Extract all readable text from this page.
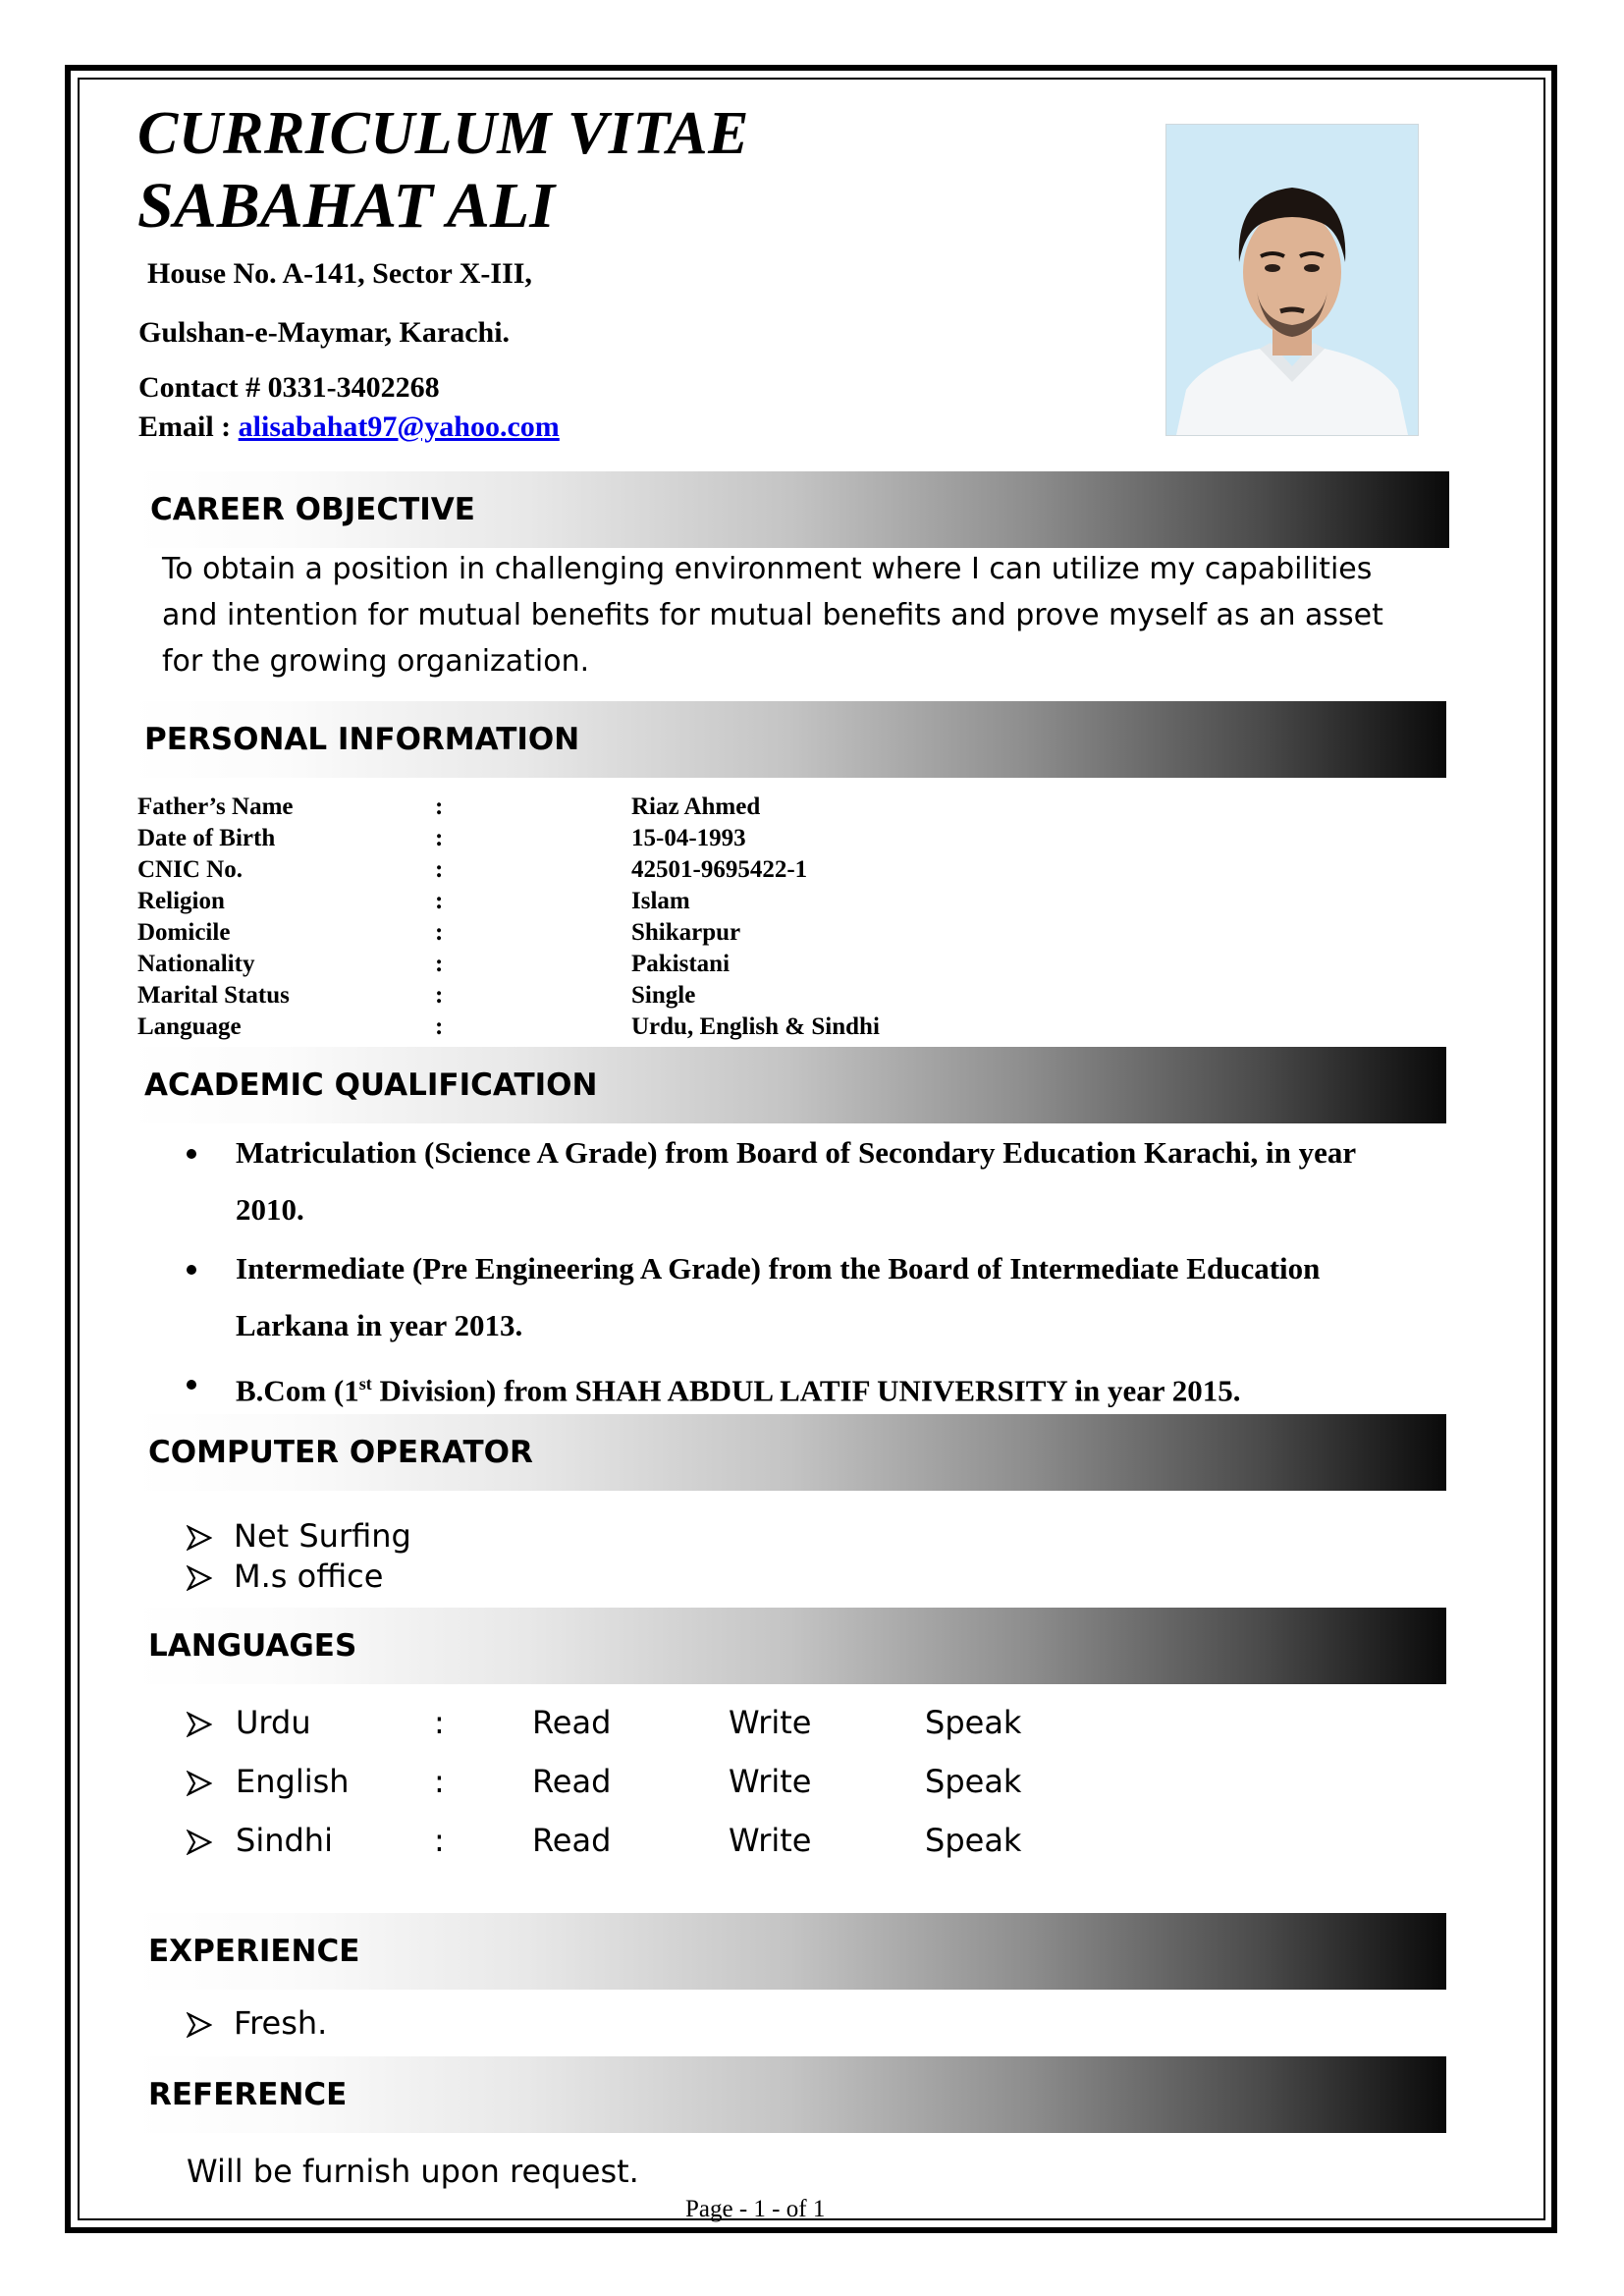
CURRICULUM VITAE
SABAHAT ALI
House No. A-141, Sector X-III,
Gulshan-e-Maymar, Karachi.
Contact # 0331-3402268
Email : alisabahat97@yahoo.com
CAREER OBJECTIVE
To obtain a position in challenging environment where I can utilize my capabilities and intention for mutual benefits for mutual benefits and prove myself as an asset for the growing organization.
PERSONAL INFORMATION
Father’s Name	:	Riaz Ahmed
Date of Birth	:	15-04-1993
CNIC No.	:	42501-9695422-1
Religion	:	Islam
Domicile	:	Shikarpur
Nationality	:	Pakistani
Marital Status	:	Single
Language	:	Urdu, English & Sindhi
ACADEMIC QUALIFICATION
Matriculation (Science A Grade) from Board of Secondary Education Karachi, in year 2010.
Intermediate (Pre Engineering A Grade) from the Board of Intermediate Education Larkana in year 2013.
B.Com (1st Division) from SHAH ABDUL LATIF UNIVERSITY in year 2015.
COMPUTER OPERATOR
Net Surfing
M.s office
LANGUAGES
Urdu	:	Read	Write	Speak
English	:	Read	Write	Speak
Sindhi	:	Read	Write	Speak
EXPERIENCE
Fresh.
REFERENCE
Will be furnish upon request.
Page - 1 - of 1
